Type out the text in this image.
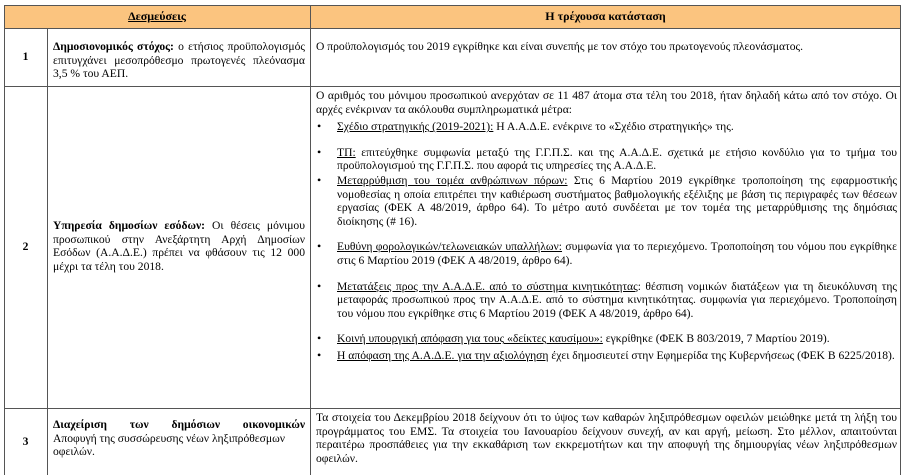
Δεσμεύσεις	Η τρέχουσα κατάσταση
1
Δημοσιονομικός στόχος: ο ετήσιος προϋπολογισμός επιτυγχάνει μεσοπρόθεσμο πρωτογενές πλεόνασμα 3,5 % του ΑΕΠ.
Ο προϋπολογισμός του 2019 εγκρίθηκε και είναι συνεπής με τον στόχο του πρωτογενούς πλεονάσματος.
2
Υπηρεσία δημοσίων εσόδων: Οι θέσεις μόνιμου προσωπικού στην Ανεξάρτητη Αρχή Δημοσίων Εσόδων (Α.Α.Δ.Ε.) πρέπει να φθάσουν τις 12 000 μέχρι τα τέλη του 2018.
Ο αριθμός του μόνιμου προσωπικού ανερχόταν σε 11 487 άτομα στα τέλη του 2018, ήταν δηλαδή κάτω από τον στόχο. Οι αρχές ενέκριναν τα ακόλουθα συμπληρωματικά μέτρα:
• Σχέδιο στρατηγικής (2019-2021): Η Α.Α.Δ.Ε. ενέκρινε το «Σχέδιο στρατηγικής» της.
• ΤΠ: επιτεύχθηκε συμφωνία μεταξύ της Γ.Γ.Π.Σ. και της Α.Α.Δ.Ε. σχετικά με ετήσιο κονδύλιο για το τμήμα του προϋπολογισμού της Γ.Γ.Π.Σ. που αφορά τις υπηρεσίες της Α.Α.Δ.Ε.
• Μεταρρύθμιση του τομέα ανθρώπινων πόρων: Στις 6 Μαρτίου 2019 εγκρίθηκε τροποποίηση της εφαρμοστικής νομοθεσίας η οποία επιτρέπει την καθιέρωση συστήματος βαθμολογικής εξέλιξης με βάση τις περιγραφές των θέσεων εργασίας (ΦΕΚ Α 48/2019, άρθρο 64). Το μέτρο αυτό συνδέεται με τον τομέα της μεταρρύθμισης της δημόσιας διοίκησης (# 16).
• Ευθύνη φορολογικών/τελωνειακών υπαλλήλων: συμφωνία για το περιεχόμενο. Τροποποίηση του νόμου που εγκρίθηκε στις 6 Μαρτίου 2019 (ΦΕΚ Α 48/2019, άρθρο 64).
• Μετατάξεις προς την Α.Α.Δ.Ε. από το σύστημα κινητικότητας: θέσπιση νομικών διατάξεων για τη διευκόλυνση της μεταφοράς προσωπικού προς την Α.Α.Δ.Ε. από το σύστημα κινητικότητας. συμφωνία για περιεχόμενο. Τροποποίηση του νόμου που εγκρίθηκε στις 6 Μαρτίου 2019 (ΦΕΚ Α 48/2019, άρθρο 64).
• Κοινή υπουργική απόφαση για τους «δείκτες καυσίμου»: εγκρίθηκε (ΦΕΚ Β 803/2019, 7 Μαρτίου 2019).
• Η απόφαση της Α.Α.Δ.Ε. για την αξιολόγηση έχει δημοσιευτεί στην Εφημερίδα της Κυβερνήσεως (ΦΕΚ Β 6225/2018).
3
Διαχείριση των δημόσιων οικονομικών
Αποφυγή της συσσώρευσης νέων ληξιπρόθεσμων οφειλών.
Τα στοιχεία του Δεκεμβρίου 2018 δείχνουν ότι το ύψος των καθαρών ληξιπρόθεσμων οφειλών μειώθηκε μετά τη λήξη του προγράμματος του ΕΜΣ. Τα στοιχεία του Ιανουαρίου δείχνουν συνεχή, αν και αργή, μείωση. Στο μέλλον, απαιτούνται περαιτέρω προσπάθειες για την εκκαθάριση των εκκρεμοτήτων και την αποφυγή της δημιουργίας νέων ληξιπρόθεσμων οφειλών.
